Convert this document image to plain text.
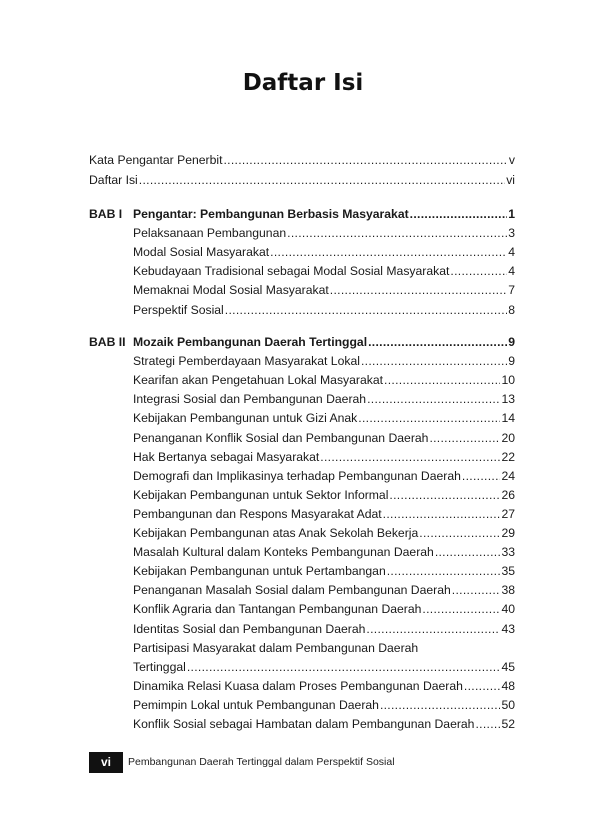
Daftar Isi
Kata Pengantar Penerbit .....	v
Daftar Isi .....	vi
BAB I Pengantar: Pembangunan Berbasis Masyarakat .....	1
Pelaksanaan Pembangunan .....	3
Modal Sosial Masyarakat .....	4
Kebudayaan Tradisional sebagai Modal Sosial Masyarakat .....	4
Memaknai Modal Sosial Masyarakat .....	7
Perspektif Sosial .....	8
BAB II Mozaik Pembangunan Daerah Tertinggal .....	9
Strategi Pemberdayaan Masyarakat Lokal .....	9
Kearifan akan Pengetahuan Lokal Masyarakat .....	10
Integrasi Sosial dan Pembangunan Daerah .....	13
Kebijakan Pembangunan untuk Gizi Anak .....	14
Penanganan Konflik Sosial dan Pembangunan Daerah .....	20
Hak Bertanya sebagai Masyarakat .....	22
Demografi dan Implikasinya terhadap Pembangunan Daerah .....	24
Kebijakan Pembangunan untuk Sektor Informal .....	26
Pembangunan dan Respons Masyarakat Adat .....	27
Kebijakan Pembangunan atas Anak Sekolah Bekerja .....	29
Masalah Kultural dalam Konteks Pembangunan Daerah .....	33
Kebijakan Pembangunan untuk Pertambangan .....	35
Penanganan Masalah Sosial dalam Pembangunan Daerah .....	38
Konflik Agraria dan Tantangan Pembangunan Daerah .....	40
Identitas Sosial dan Pembangunan Daerah .....	43
Partisipasi Masyarakat dalam Pembangunan Daerah
Tertinggal .....	45
Dinamika Relasi Kuasa dalam Proses Pembangunan Daerah .....	48
Pemimpin Lokal untuk Pembangunan Daerah .....	50
Konflik Sosial sebagai Hambatan dalam Pembangunan Daerah ..... 52
vi	Pembangunan Daerah Tertinggal dalam Perspektif Sosial
